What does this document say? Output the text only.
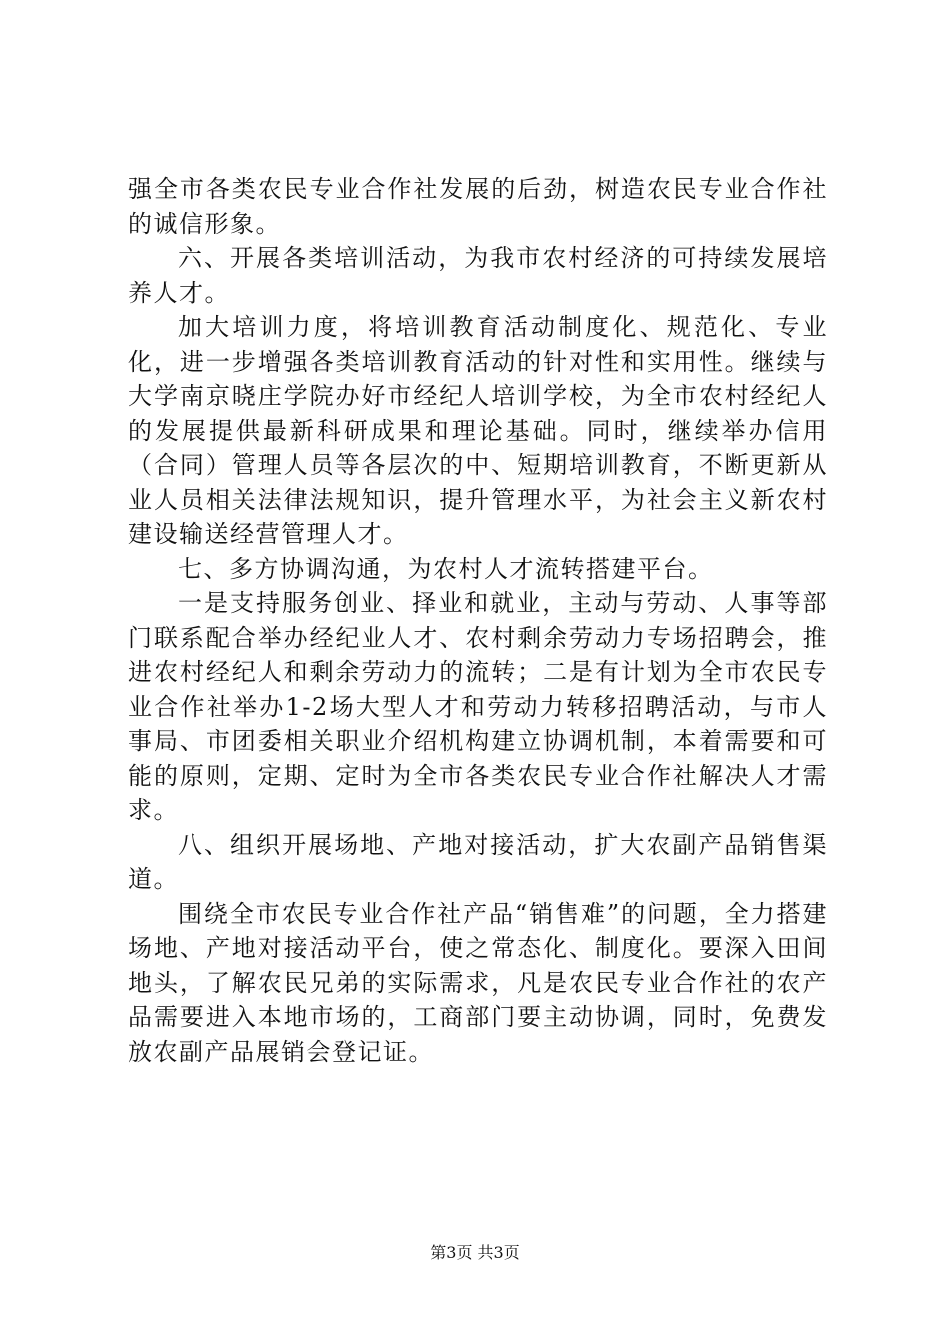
强全市各类农民专业合作社发展的后劲，树造农民专业合作社的诚信形象。

六、开展各类培训活动，为我市农村经济的可持续发展培养人才。

加大培训力度，将培训教育活动制度化、规范化、专业化，进一步增强各类培训教育活动的针对性和实用性。继续与大学南京晓庄学院办好市经纪人培训学校，为全市农村经纪人的发展提供最新科研成果和理论基础。同时，继续举办信用（合同）管理人员等各层次的中、短期培训教育，不断更新从业人员相关法律法规知识，提升管理水平，为社会主义新农村建设输送经营管理人才。

七、多方协调沟通，为农村人才流转搭建平台。

一是支持服务创业、择业和就业，主动与劳动、人事等部门联系配合举办经纪业人才、农村剩余劳动力专场招聘会，推进农村经纪人和剩余劳动力的流转；二是有计划为全市农民专业合作社举办1-2场大型人才和劳动力转移招聘活动，与市人事局、市团委相关职业介绍机构建立协调机制，本着需要和可能的原则，定期、定时为全市各类农民专业合作社解决人才需求。

八、组织开展场地、产地对接活动，扩大农副产品销售渠道。

围绕全市农民专业合作社产品“销售难”的问题，全力搭建场地、产地对接活动平台，使之常态化、制度化。要深入田间地头，了解农民兄弟的实际需求，凡是农民专业合作社的农产品需要进入本地市场的，工商部门要主动协调，同时，免费发放农副产品展销会登记证。

第3页 共3页
